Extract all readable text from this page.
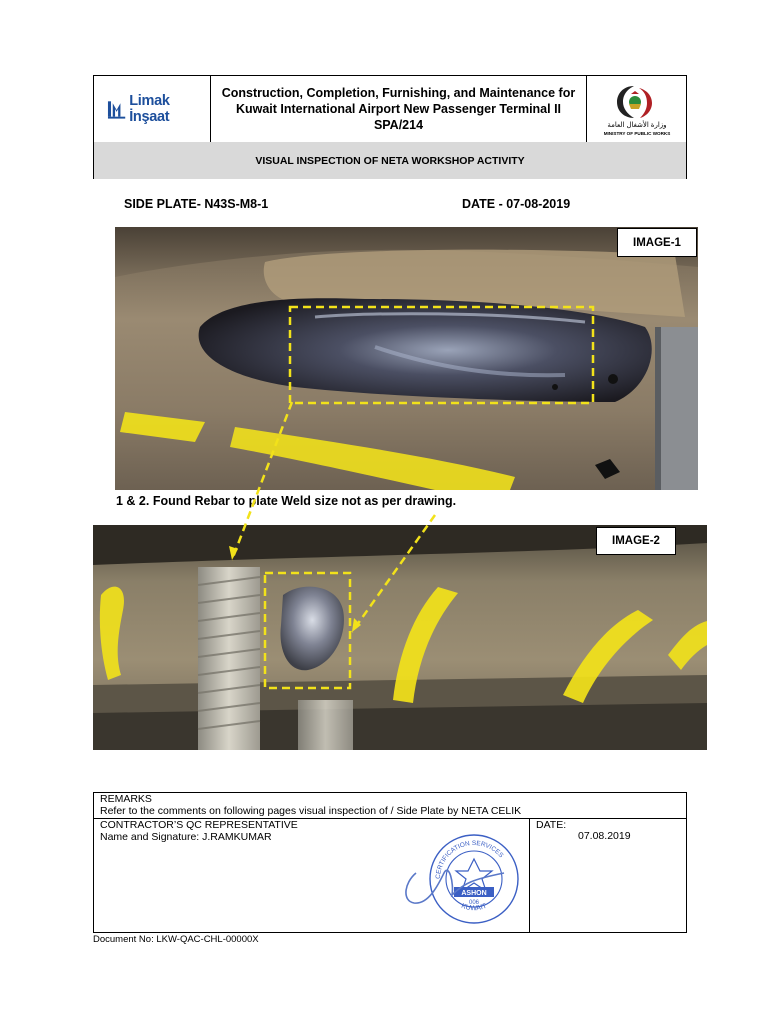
Limak İnşaat
Construction, Completion, Furnishing, and Maintenance for
Kuwait International Airport New Passenger Terminal II
SPA/214	وزارة الأشغال العامة
MINISTRY OF PUBLIC WORKS
VISUAL INSPECTION OF NETA WORKSHOP ACTIVITY
SIDE PLATE- N43S-M8-1	DATE - 07-08-2019
IMAGE-1
1 & 2. Found Rebar to plate Weld size not as per drawing.
IMAGE-2
REMARKS
Refer to the comments on following pages visual inspection of / Side Plate by NETA CELIK
CONTRACTOR’S QC REPRESENTATIVE
Name and Signature: J.RAMKUMAR
DATE:
07.08.2019
CERTIFICATION SERVICES
ASHON
006
KUWAIT
Document No: LKW-QAC-CHL-00000X
